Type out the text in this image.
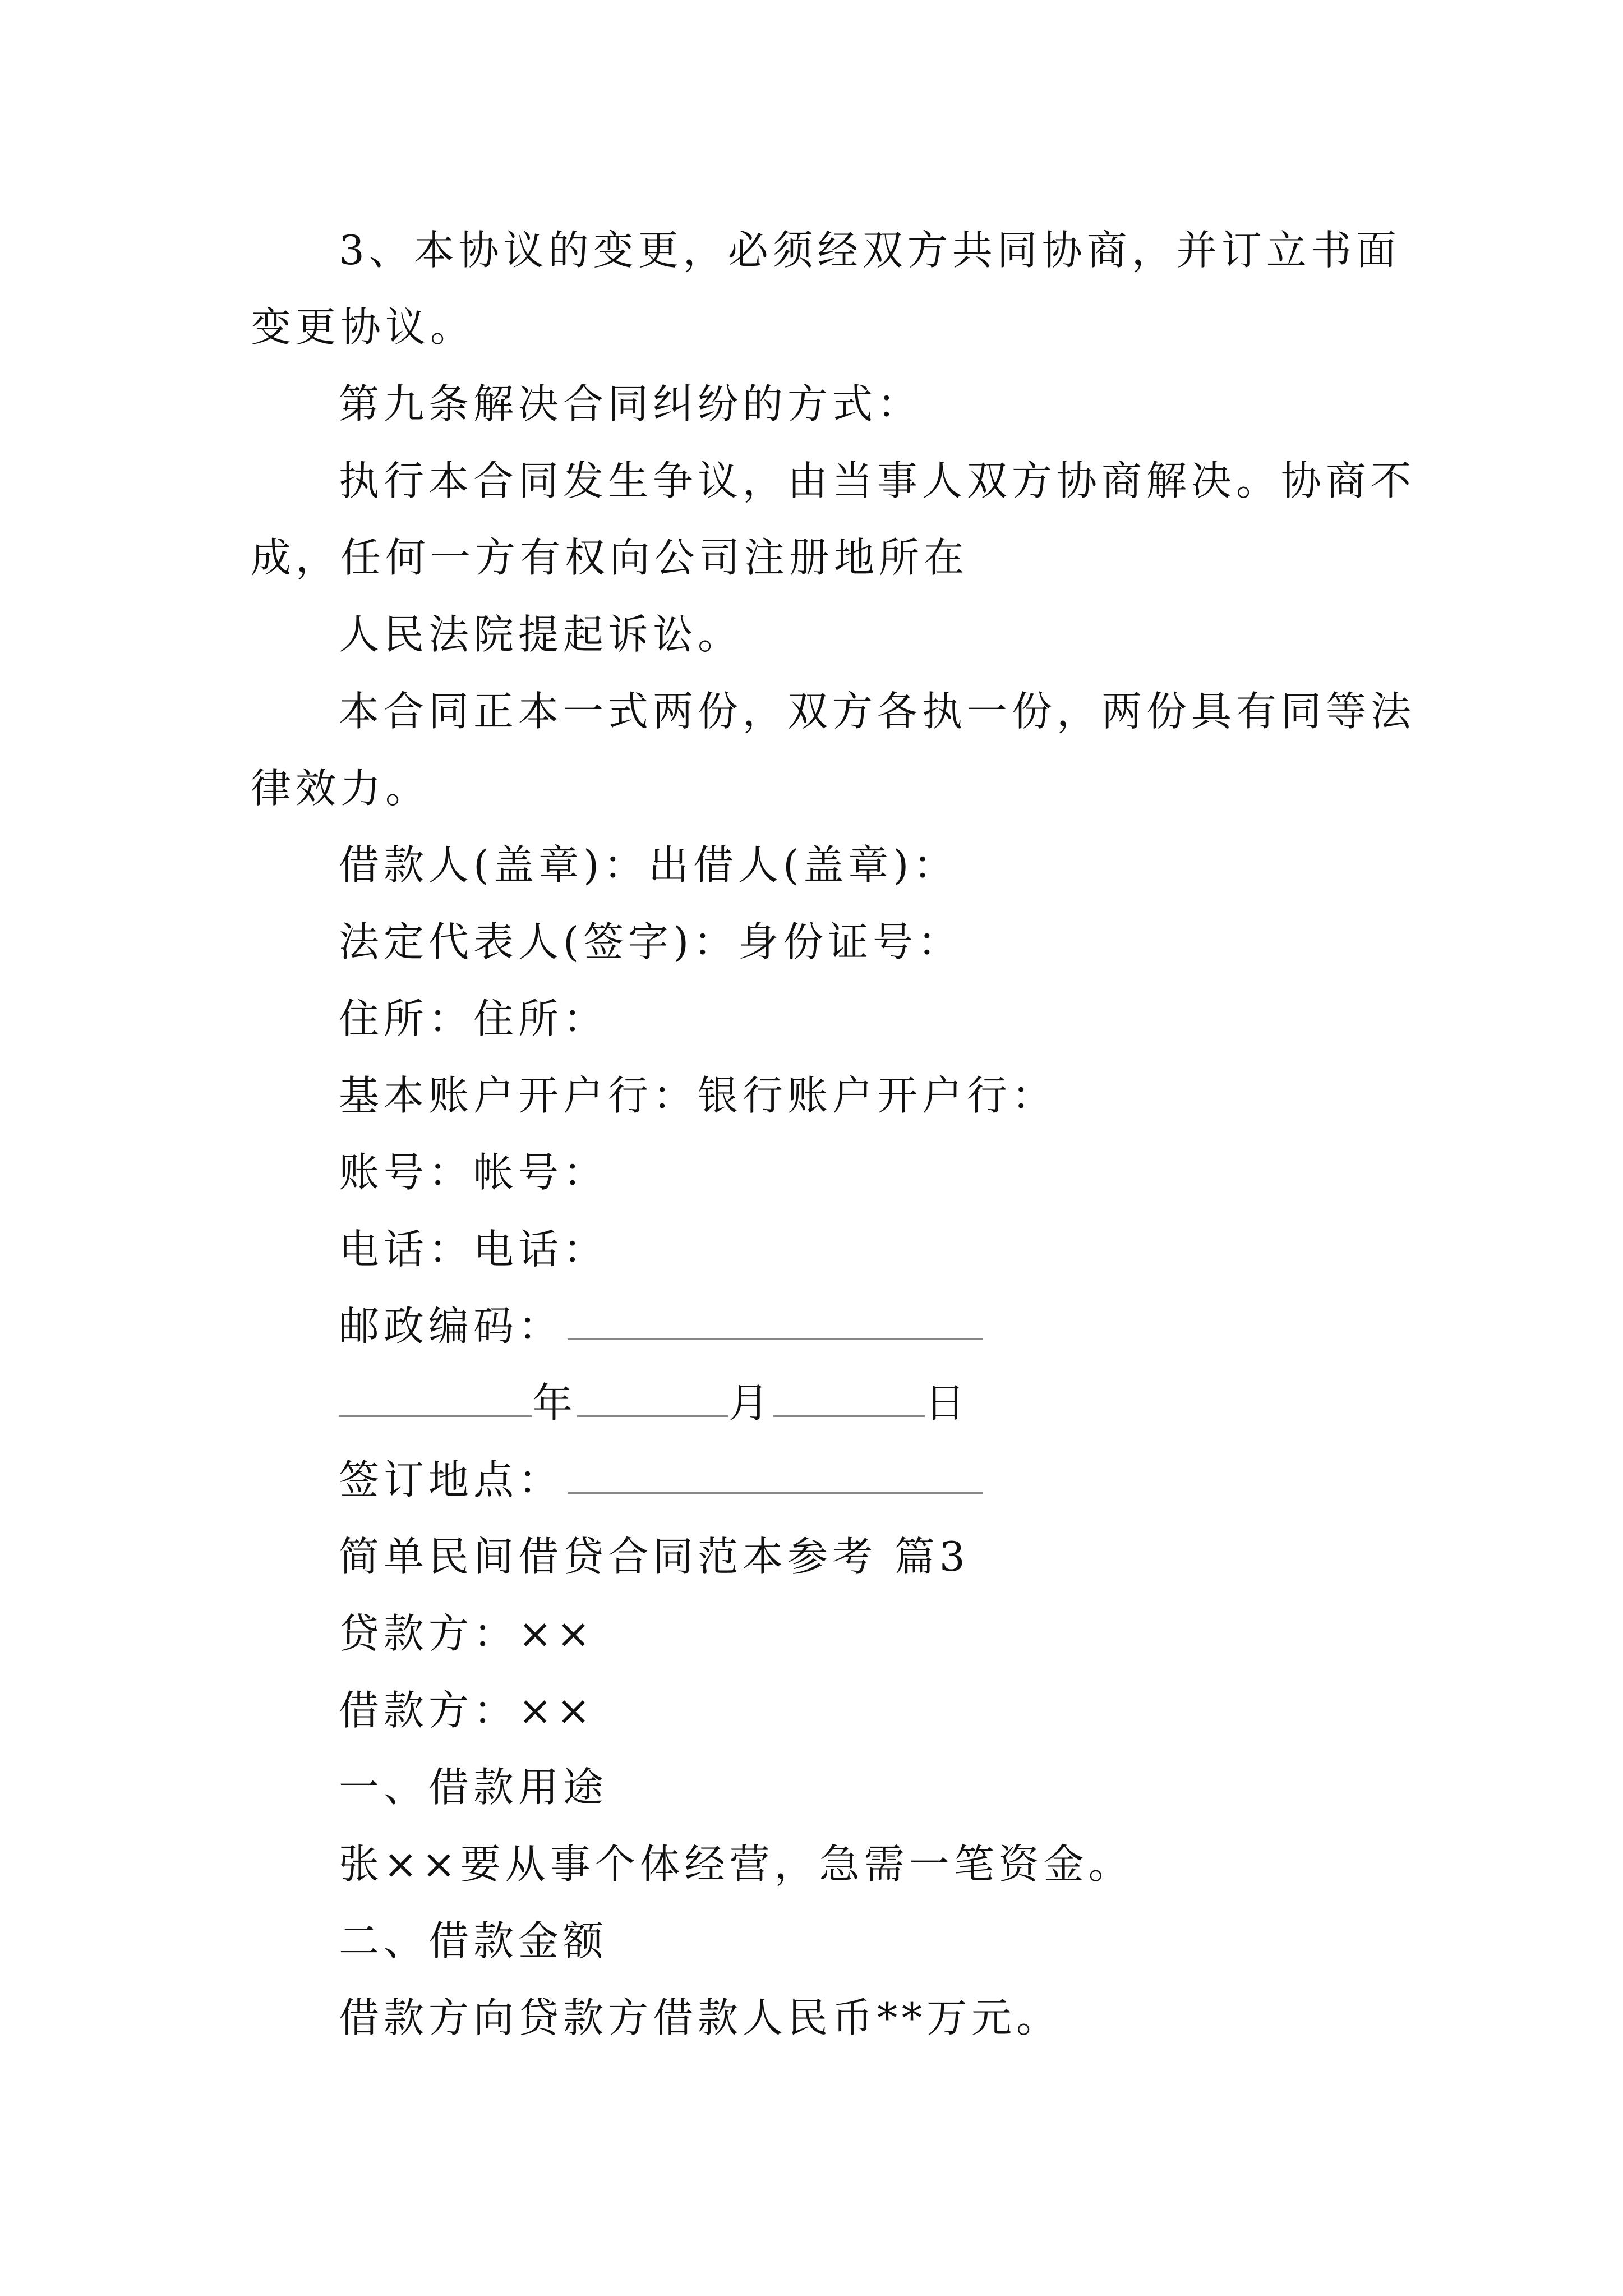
3、本协议的变更，必须经双方共同协商，并订立书面
变更协议。
第九条解决合同纠纷的方式：
执行本合同发生争议，由当事人双方协商解决。协商不
成，任何一方有权向公司注册地所在
人民法院提起诉讼。
本合同正本一式两份，双方各执一份，两份具有同等法
律效力。
借款人(盖章)：出借人(盖章)：
法定代表人(签字)：身份证号：
住所：住所：
基本账户开户行：银行账户开户行：
账号：帐号：
电话：电话：
邮政编码：
年	月	日
签订地点：
简单民间借贷合同范本参考 篇3
贷款方：××
借款方：××
一、借款用途
张××要从事个体经营，急需一笔资金。
二、借款金额
借款方向贷款方借款人民币**万元。
